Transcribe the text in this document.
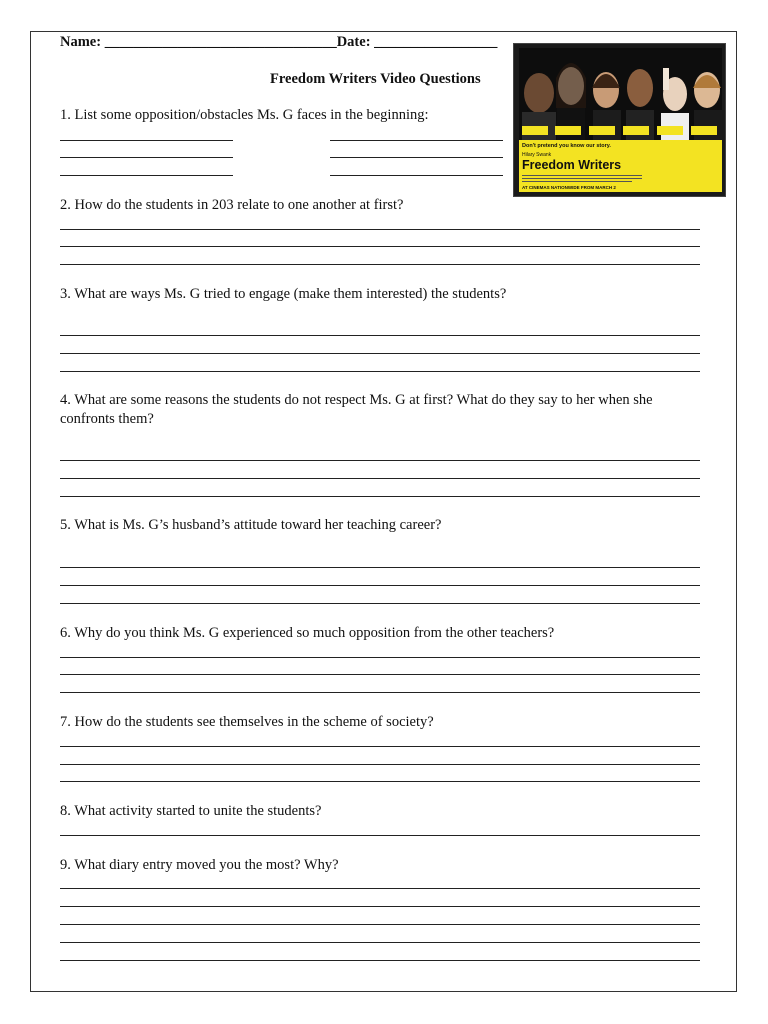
Name: ________________________________Date: _________________
Freedom Writers Video Questions
Don't pretend you know our story.
Hilary Swank
Freedom Writers
AT CINEMAS NATIONWIDE FROM MARCH 2
1. List some opposition/obstacles Ms. G faces in the beginning:
2. How do the students in 203 relate to one another at first?
3. What are ways Ms. G tried to engage (make them interested) the students?
4. What are some reasons the students do not respect Ms. G at first? What do they say to her when she confronts them?
5. What is Ms. G’s husband’s attitude toward her teaching career?
6. Why do you think Ms. G experienced so much opposition from the other teachers?
7. How do the students see themselves in the scheme of society?
8. What activity started to unite the students?
9. What diary entry moved you the most? Why?
